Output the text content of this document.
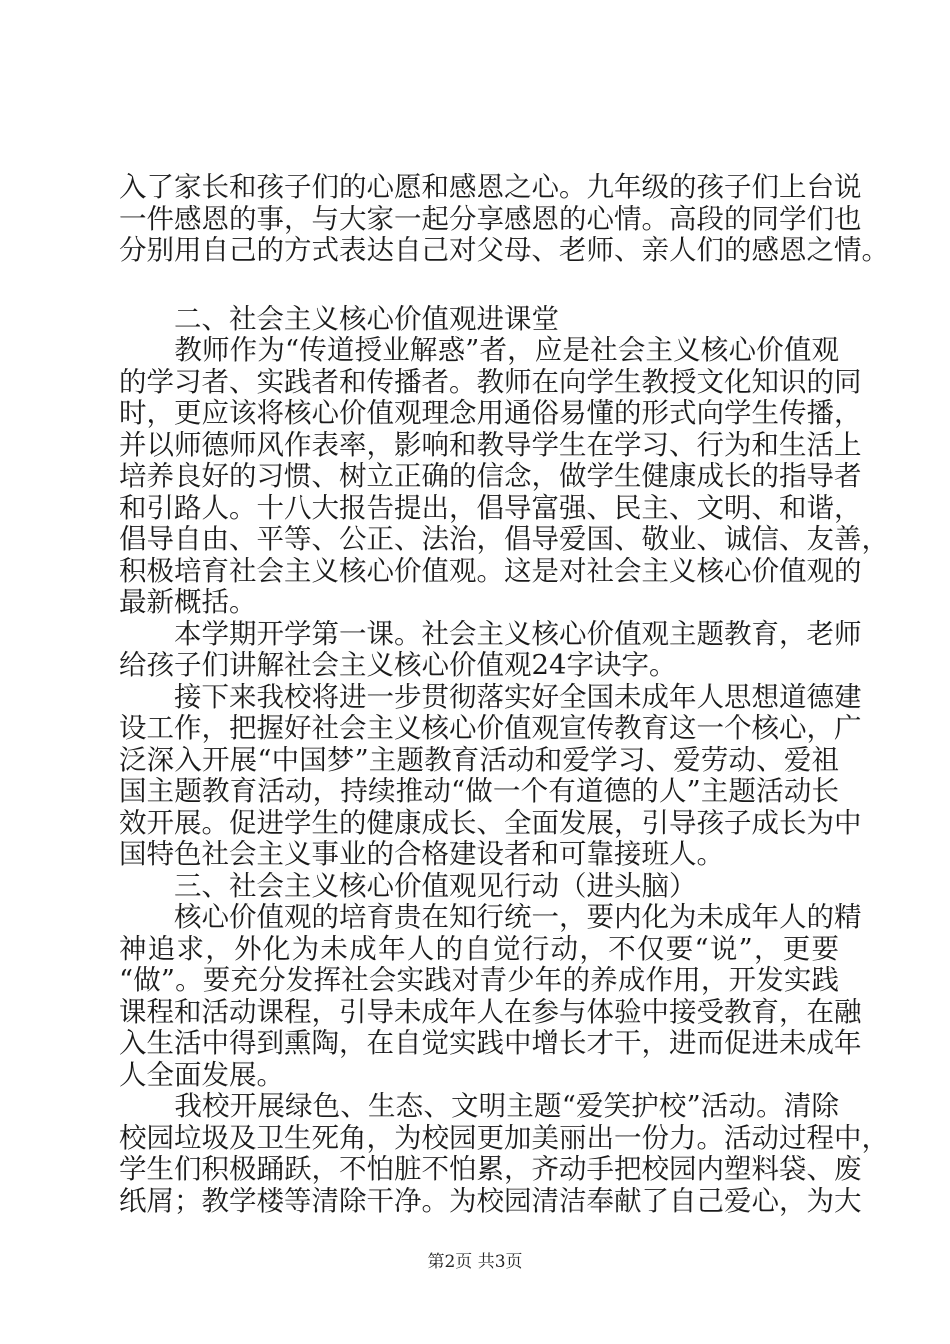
入了家长和孩子们的心愿和感恩之心。九年级的孩子们上台说
一件感恩的事，与大家一起分享感恩的心情。高段的同学们也
分别用自己的方式表达自己对父母、老师、亲人们的感恩之情。
　　二、社会主义核心价值观进课堂
　　教师作为“传道授业解惑”者，应是社会主义核心价值观
的学习者、实践者和传播者。教师在向学生教授文化知识的同
时，更应该将核心价值观理念用通俗易懂的形式向学生传播，
并以师德师风作表率，影响和教导学生在学习、行为和生活上
培养良好的习惯、树立正确的信念，做学生健康成长的指导者
和引路人。十八大报告提出，倡导富强、民主、文明、和谐，
倡导自由、平等、公正、法治，倡导爱国、敬业、诚信、友善，
积极培育社会主义核心价值观。这是对社会主义核心价值观的
最新概括。
　　本学期开学第一课。社会主义核心价值观主题教育，老师
给孩子们讲解社会主义核心价值观24字诀字。
　　接下来我校将进一步贯彻落实好全国未成年人思想道德建
设工作，把握好社会主义核心价值观宣传教育这一个核心，广
泛深入开展“中国梦”主题教育活动和爱学习、爱劳动、爱祖
国主题教育活动，持续推动“做一个有道德的人”主题活动长
效开展。促进学生的健康成长、全面发展，引导孩子成长为中
国特色社会主义事业的合格建设者和可靠接班人。
　　三、社会主义核心价值观见行动（进头脑）
　　核心价值观的培育贵在知行统一，要内化为未成年人的精
神追求，外化为未成年人的自觉行动，不仅要“说”，更要
“做”。要充分发挥社会实践对青少年的养成作用，开发实践
课程和活动课程，引导未成年人在参与体验中接受教育，在融
入生活中得到熏陶，在自觉实践中增长才干，进而促进未成年
人全面发展。
　　我校开展绿色、生态、文明主题“爱笑护校”活动。清除
校园垃圾及卫生死角，为校园更加美丽出一份力。活动过程中，
学生们积极踊跃，不怕脏不怕累，齐动手把校园内塑料袋、废
纸屑；教学楼等清除干净。为校园清洁奉献了自己爱心，为大
第2页 共3页
